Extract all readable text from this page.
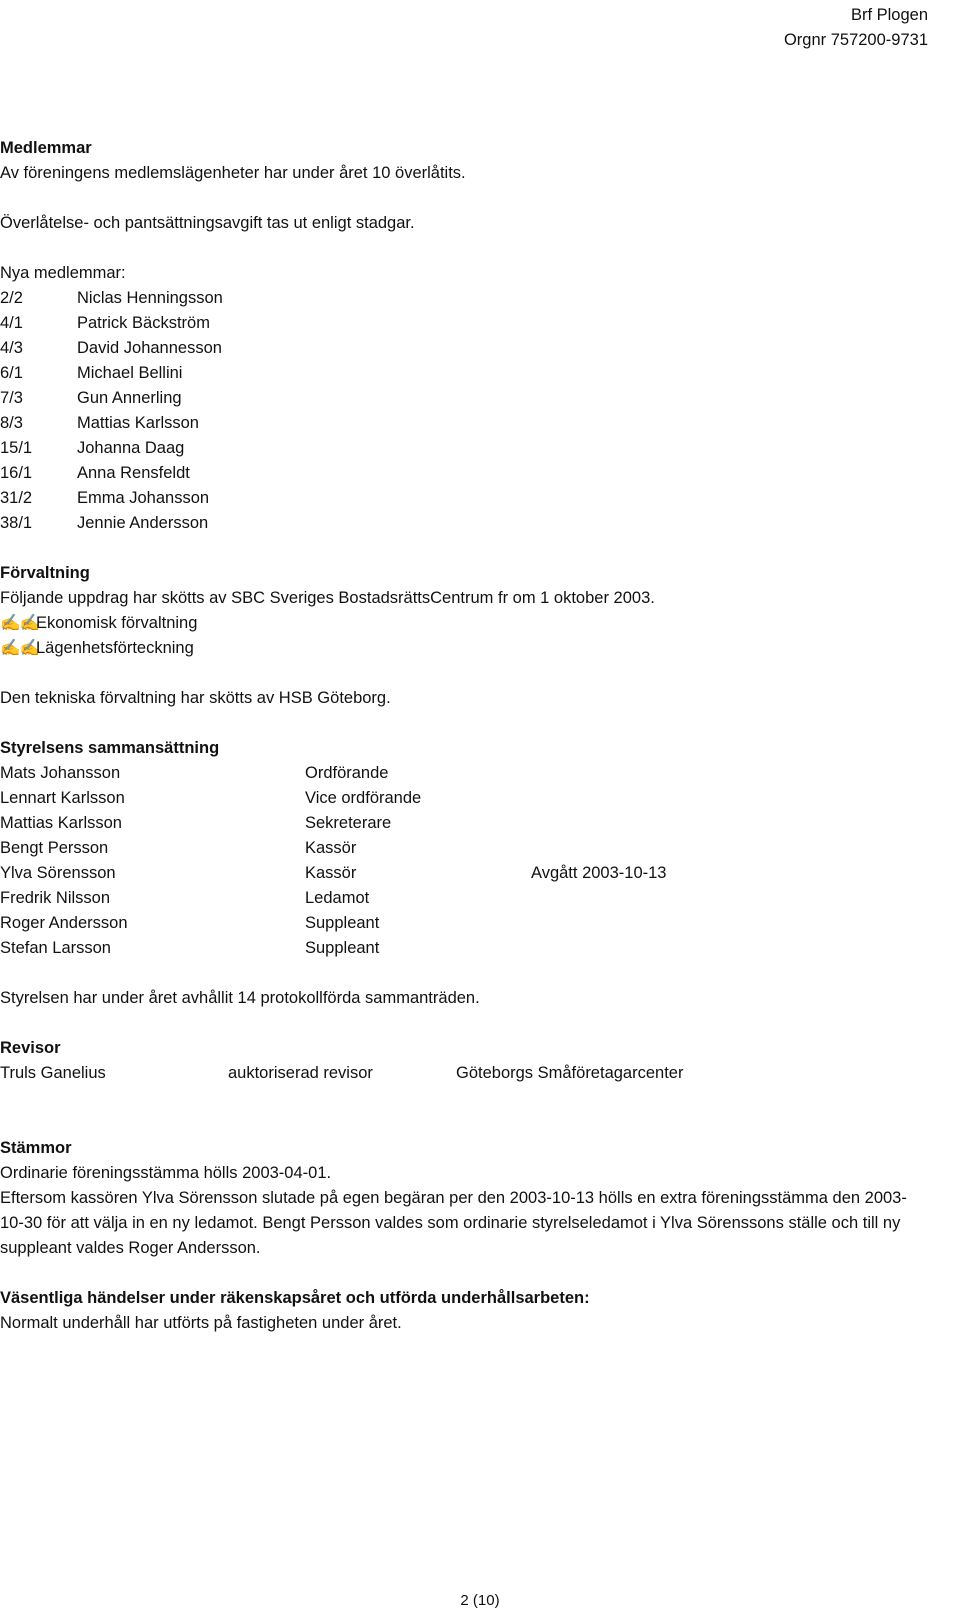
Brf Plogen
Orgnr 757200-9731
Medlemmar
Av föreningens medlemslägenheter har under året 10 överlåtits.
Överlåtelse- och pantsättningsavgift tas ut enligt stadgar.
Nya medlemmar:
2/2	Niclas Henningsson
4/1	Patrick Bäckström
4/3	David Johannesson
6/1	Michael Bellini
7/3	Gun Annerling
8/3	Mattias Karlsson
15/1	Johanna Daag
16/1	Anna Rensfeldt
31/2	Emma Johansson
38/1	Jennie Andersson
Förvaltning
Följande uppdrag har skötts av SBC Sveriges BostadsrättsCentrum fr om 1 oktober 2003.
✍✍Ekonomisk förvaltning
✍✍Lägenhetsförteckning
Den tekniska förvaltning har skötts av HSB Göteborg.
Styrelsens sammansättning
Mats Johansson	Ordförande
Lennart Karlsson	Vice ordförande
Mattias Karlsson	Sekreterare
Bengt Persson	Kassör
Ylva Sörensson	Kassör	Avgått 2003-10-13
Fredrik Nilsson	Ledamot
Roger Andersson	Suppleant
Stefan Larsson	Suppleant
Styrelsen har under året avhållit 14 protokollförda sammanträden.
Revisor
Truls Ganelius	auktoriserad revisor	Göteborgs Småföretagarcenter
Stämmor
Ordinarie föreningsstämma hölls 2003-04-01.
Eftersom kassören Ylva Sörensson slutade på egen begäran per den 2003-10-13 hölls en extra föreningsstämma den 2003-10-30 för att välja in en ny ledamot. Bengt Persson valdes som ordinarie styrelseledamot i Ylva Sörenssons ställe och till ny suppleant valdes Roger Andersson.
Väsentliga händelser under räkenskapsåret och utförda underhållsarbeten:
Normalt underhåll har utförts på fastigheten under året.
2 (10)
